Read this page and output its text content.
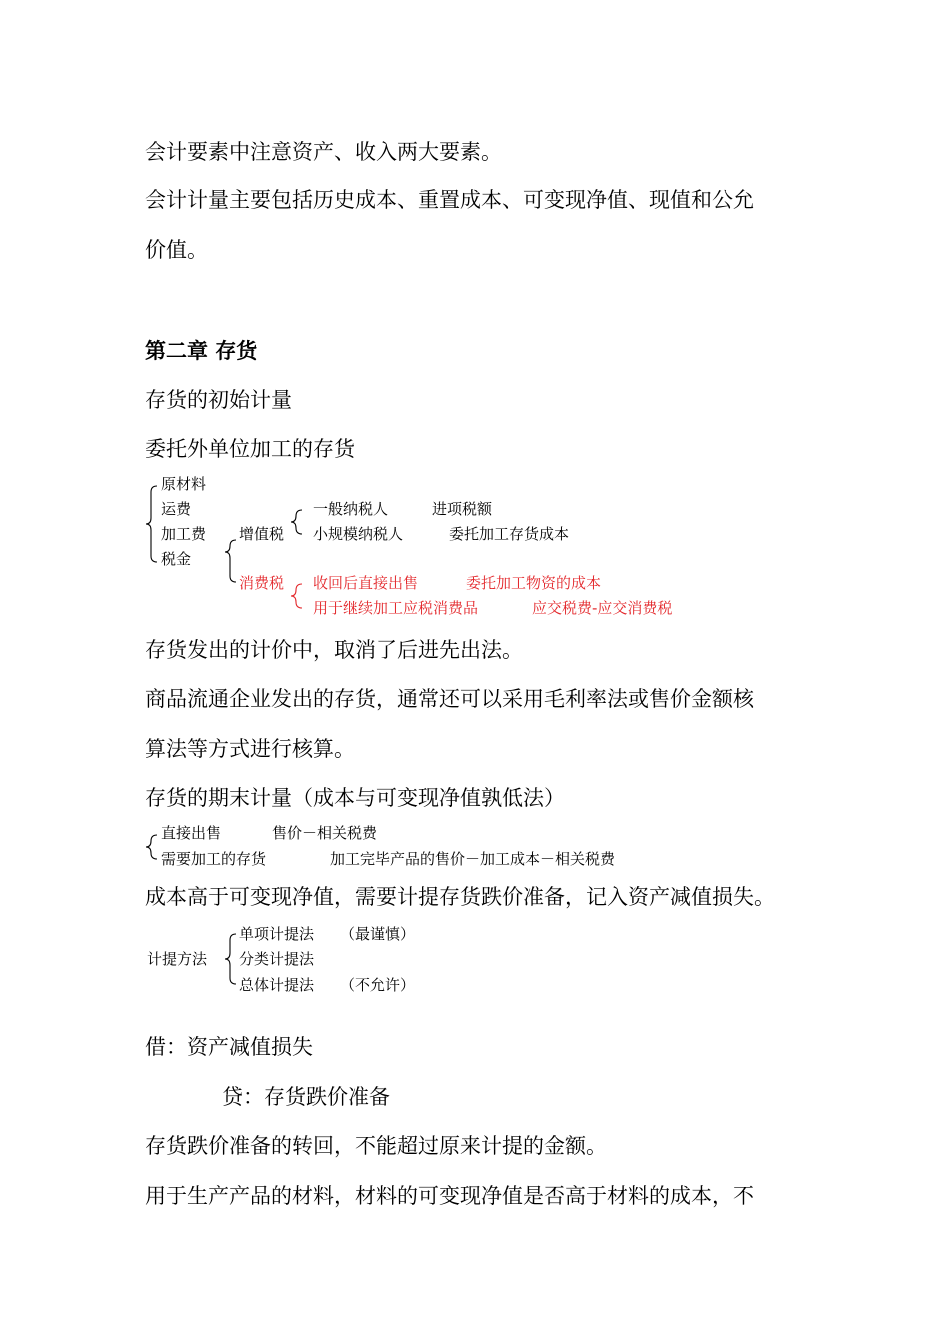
会计要素中注意资产、收入两大要素。
会计计量主要包括历史成本、重置成本、可变现净值、现值和公允
价值。
第二章 存货
存货的初始计量
委托外单位加工的存货
原材料
运费
加工费
税金
增值税
一般纳税人	进项税额
小规模纳税人	委托加工存货成本
消费税 收回后直接出售	委托加工物资的成本
用于继续加工应税消费品	应交税费-应交消费税
存货发出的计价中，取消了后进先出法。
商品流通企业发出的存货，通常还可以采用毛利率法或售价金额核
算法等方式进行核算。
存货的期末计量（成本与可变现净值孰低法）
直接出售	售价－相关税费
需要加工的存货	加工完毕产品的售价－加工成本－相关税费
成本高于可变现净值，需要计提存货跌价准备，记入资产减值损失。
计提方法
单项计提法 （最谨慎）
分类计提法
总体计提法 （不允许）
借：资产减值损失
贷：存货跌价准备
存货跌价准备的转回，不能超过原来计提的金额。
用于生产产品的材料，材料的可变现净值是否高于材料的成本，不
